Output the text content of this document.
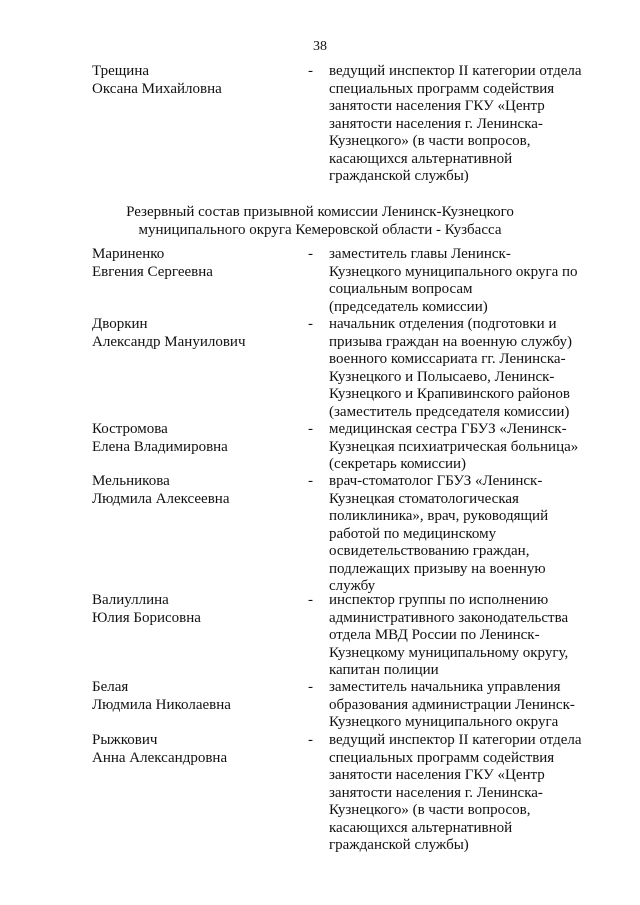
38
Трещина
Оксана Михайловна
- ведущий инспектор II категории отдела
специальных программ содействия
занятости населения ГКУ «Центр
занятости населения г. Ленинска-
Кузнецкого» (в части вопросов,
касающихся альтернативной
гражданской службы)
Резервный состав призывной комиссии Ленинск-Кузнецкого
муниципального округа Кемеровской области - Кузбасса
Мариненко
Евгения Сергеевна
- заместитель главы Ленинск-
Кузнецкого муниципального округа по
социальным вопросам
(председатель комиссии)
Дворкин
Александр Мануилович
- начальник отделения (подготовки и
призыва граждан на военную службу)
военного комиссариата гг. Ленинска-
Кузнецкого и Полысаево, Ленинск-
Кузнецкого и Крапивинского районов
(заместитель председателя комиссии)
Костромова
Елена Владимировна
- медицинская сестра ГБУЗ «Ленинск-
Кузнецкая психиатрическая больница»
(секретарь комиссии)
Мельникова
Людмила Алексеевна
- врач-стоматолог ГБУЗ «Ленинск-
Кузнецкая стоматологическая
поликлиника», врач, руководящий
работой по медицинскому
освидетельствованию граждан,
подлежащих призыву на военную
службу
Валиуллина
Юлия Борисовна
- инспектор группы по исполнению
административного законодательства
отдела МВД России по Ленинск-
Кузнецкому муниципальному округу,
капитан полиции
Белая
Людмила Николаевна
- заместитель начальника управления
образования администрации Ленинск-
Кузнецкого муниципального округа
Рыжкович
Анна Александровна
- ведущий инспектор II категории отдела
специальных программ содействия
занятости населения ГКУ «Центр
занятости населения г. Ленинска-
Кузнецкого» (в части вопросов,
касающихся альтернативной
гражданской службы)
